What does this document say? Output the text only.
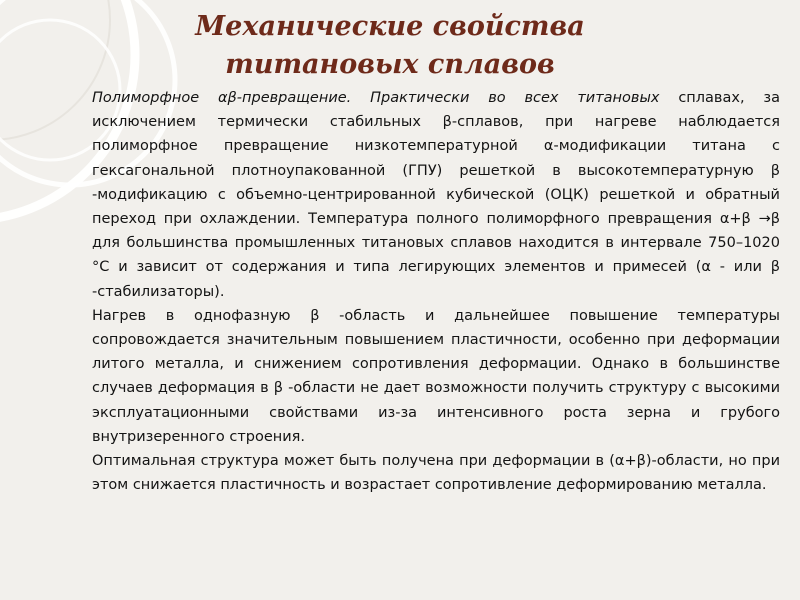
Механические свойства титановых сплавов

Полиморфное αβ-превращение. Практически во всех титановых сплавах, за исключением термически стабильных β-сплавов, при нагреве наблюдается полиморфное превращение низкотемпературной α-модификации титана с гексагональной плотноупакованной (ГПУ) решеткой в высокотемпературную β -модификацию с объемно-центрированной кубической (ОЦК) решеткой и обратный переход при охлаждении. Температура полного полиморфного превращения α+β →β для большинства промышленных титановых сплавов находится в интервале 750–1020 °С и зависит от содержания и типа легирующих элементов и примесей (α - или β -стабилизаторы).

Нагрев в однофазную β -область и дальнейшее повышение температуры сопровождается значительным повышением пластичности, особенно при деформации литого металла, и снижением сопротивления деформации. Однако в большинстве случаев деформация в β -области не дает возможности получить структуру с высокими эксплуатационными свойствами из-за интенсивного роста зерна и грубого внутризеренного строения.

Оптимальная структура может быть получена при деформации в (α+β)-области, но при этом снижается пластичность и возрастает сопротивление деформированию металла.
